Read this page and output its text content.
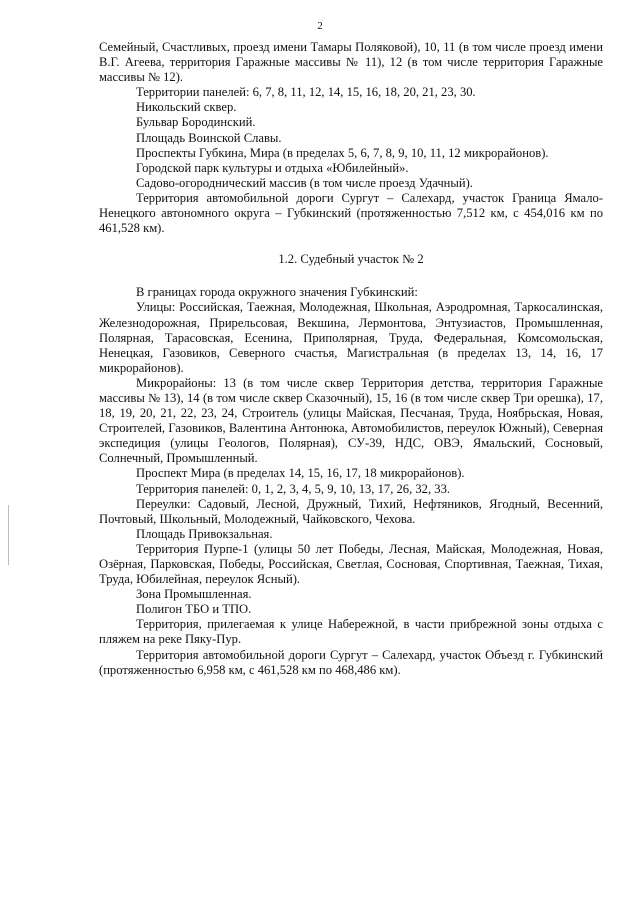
2

Семейный, Счастливых, проезд имени Тамары Поляковой), 10, 11 (в том числе проезд имени В.Г. Агеева, территория Гаражные массивы № 11), 12 (в том числе территория Гаражные массивы № 12).

Территории панелей: 6, 7, 8, 11, 12, 14, 15, 16, 18, 20, 21, 23, 30.

Никольский сквер.

Бульвар Бородинский.

Площадь Воинской Славы.

Проспекты Губкина, Мира (в пределах 5, 6, 7, 8, 9, 10, 11, 12 микрорайонов).

Городской парк культуры и отдыха «Юбилейный».

Садово-огороднический массив (в том числе проезд Удачный).

Территория автомобильной дороги Сургут – Салехард, участок Граница Ямало-Ненецкого автономного округа – Губкинский (протяженностью 7,512 км, с 454,016 км по 461,528 км).

1.2. Судебный участок № 2

В границах города окружного значения Губкинский:

Улицы: Российская, Таежная, Молодежная, Школьная, Аэродромная, Таркосалинская, Железнодорожная, Прирельсовая, Векшина, Лермонтова, Энтузиастов, Промышленная, Полярная, Тарасовская, Есенина, Приполярная, Труда, Федеральная, Комсомольская, Ненецкая, Газовиков, Северного счастья, Магистральная (в пределах 13, 14, 16, 17 микрорайонов).

Микрорайоны: 13 (в том числе сквер Территория детства, территория Гаражные массивы № 13), 14 (в том числе сквер Сказочный), 15, 16 (в том числе сквер Три орешка), 17, 18, 19, 20, 21, 22, 23, 24, Строитель (улицы Майская, Песчаная, Труда, Ноябрьская, Новая, Строителей, Газовиков, Валентина Антонюка, Автомобилистов, переулок Южный), Северная экспедиция (улицы Геологов, Полярная), СУ-39, НДС, ОВЭ, Ямальский, Сосновый, Солнечный, Промышленный.

Проспект Мира (в пределах 14, 15, 16, 17, 18 микрорайонов).

Территория панелей: 0, 1, 2, 3, 4, 5, 9, 10, 13, 17, 26, 32, 33.

Переулки: Садовый, Лесной, Дружный, Тихий, Нефтяников, Ягодный, Весенний, Почтовый, Школьный, Молодежный, Чайковского, Чехова.

Площадь Привокзальная.

Территория Пурпе-1 (улицы 50 лет Победы, Лесная, Майская, Молодежная, Новая, Озёрная, Парковская, Победы, Российская, Светлая, Сосновая, Спортивная, Таежная, Тихая, Труда, Юбилейная, переулок Ясный).

Зона Промышленная.

Полигон ТБО и ТПО.

Территория, прилегаемая к улице Набережной, в части прибрежной зоны отдыха с пляжем на реке Пяку-Пур.

Территория автомобильной дороги Сургут – Салехард, участок Объезд г. Губкинский (протяженностью 6,958 км, с 461,528 км по 468,486 км).
